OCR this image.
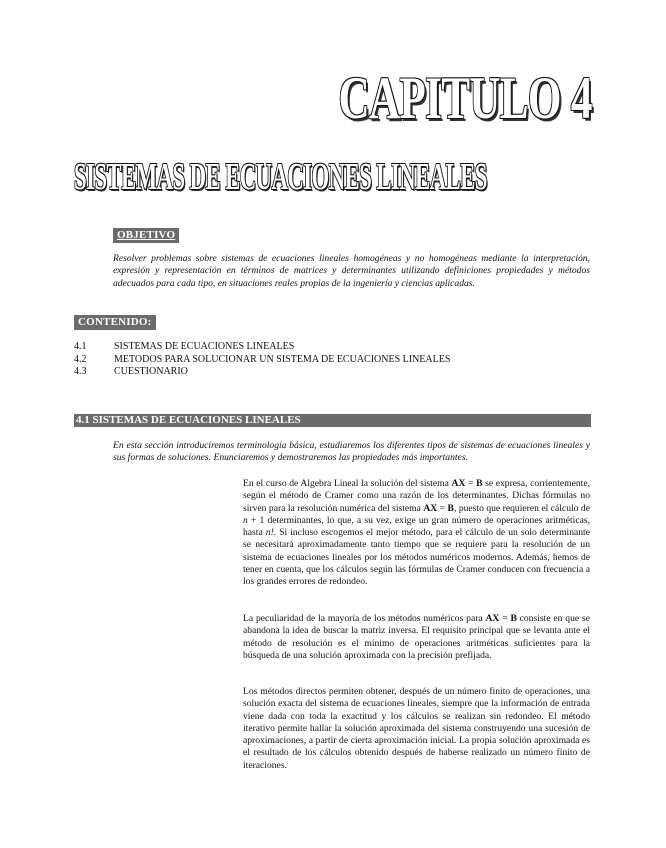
CAPITULO 4
SISTEMAS DE ECUACIONES LINEALES
OBJETIVO

Resolver problemas sobre sistemas de ecuaciones lineales homogéneas y no homogéneas mediante la interpretación, expresión y representación en términos de matrices y determinantes utilizando definiciones propiedades y métodos adecuados para cada tipo, en situaciones reales propias de la ingeniería y ciencias aplicadas.

CONTENIDO:
4.1	SISTEMAS DE ECUACIONES LINEALES
4.2	METODOS PARA SOLUCIONAR UN SISTEMA DE ECUACIONES LINEALES
4.3	CUESTIONARIO
4.1 SISTEMAS DE ECUACIONES LINEALES

En esta sección introduciremos terminología básica, estudiaremos los diferentes tipos de sistemas de ecuaciones lineales y sus formas de soluciones. Enunciaremos y demostraremos las propiedades más importantes.

En el curso de Algebra Lineal la solución del sistema AX = B se expresa, corrientemente, según el método de Cramer como una razón de los determinantes. Dichas fórmulas no sirven para la resolución numérica del sistema AX = B, puesto que requieren el cálculo de n + 1 determinantes, lo que, a su vez, exige un gran número de operaciones aritméticas, hasta n!. Si incluso escogemos el mejor método, para el cálculo de un solo determinante se necesitará aproximadamente tanto tiempo que se requiere para la resolución de un sistema de ecuaciones lineales por los métodos numéricos modernos. Además, hemos de tener en cuenta, que los cálculos según las fórmulas de Cramer conducen con frecuencia a los grandes errores de redondeo.

La peculiaridad de la mayoría de los métodos numéricos para AX = B consiste en que se abandona la idea de buscar la matriz inversa. El requisito principal que se levanta ante el método de resolución es el mínimo de operaciones aritméticas suficientes para la búsqueda de una solución aproximada con la precisión prefijada.

Los métodos directos permiten obtener, después de un número finito de operaciones, una solución exacta del sistema de ecuaciones lineales, siempre que la información de entrada viene dada con toda la exactitud y los cálculos se realizan sin redondeo. El método iterativo permite hallar la solución aproximada del sistema construyendo una sucesión de aproximaciones, a partir de cierta aproximación inicial. La propia solución aproximada es el resultado de los cálculos obtenido después de haberse realizado un número finito de iteraciones.
